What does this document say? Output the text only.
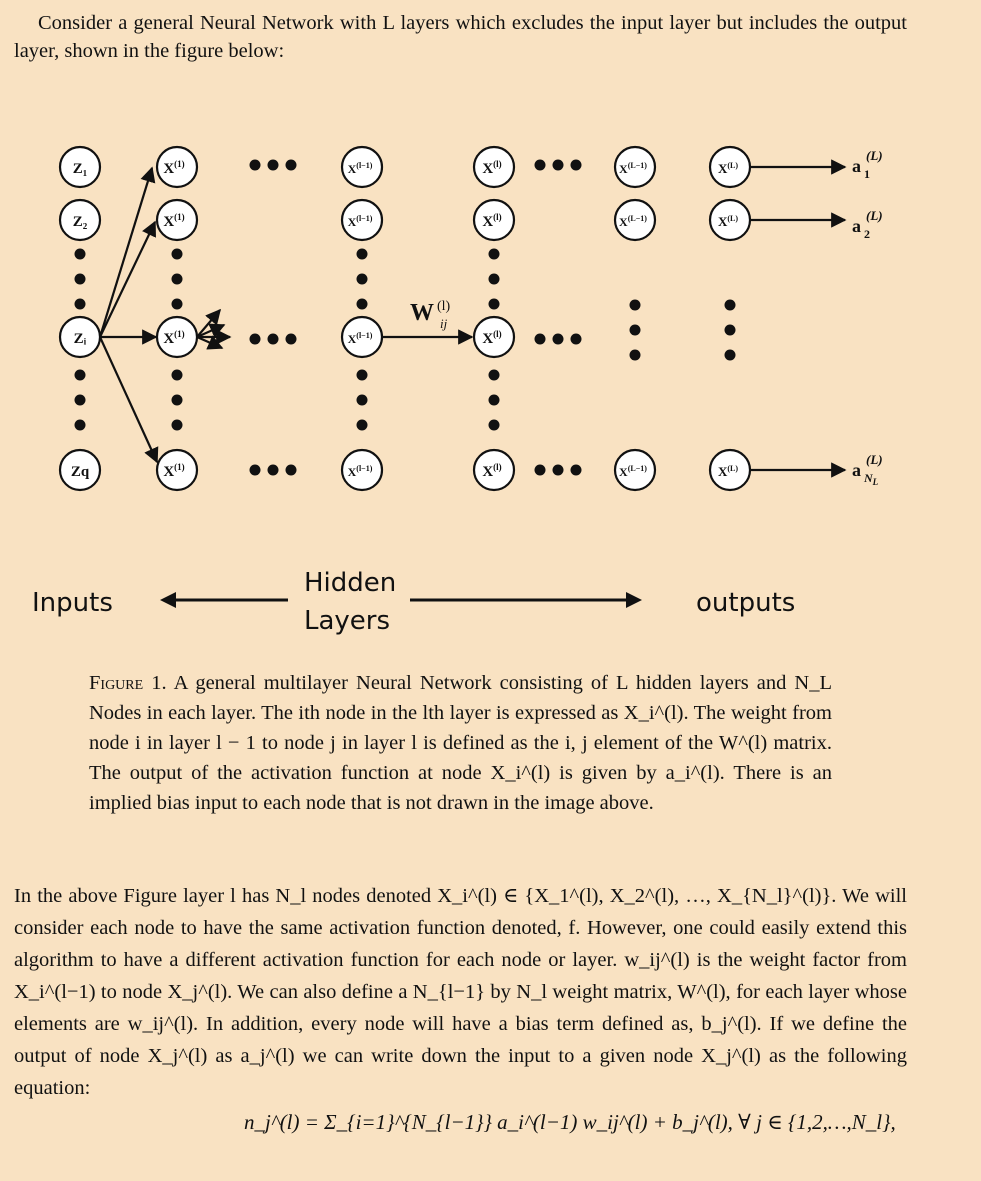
Consider a general Neural Network with L layers which excludes the input layer but includes the output layer, shown in the figure below:

Z₁
Z₂
Zᵢ
Zq
$X^{(1)}$
$X^{(1)}$
$X^{(1)}$
$X^{(1)}$
$X^{(l-1)}$
$X^{(l-1)}$
$X^{(l-1)}$
$X^{(l-1)}$
$X^{(l)}$
$X^{(l)}$
$X^{(l)}$
$X^{(l)}$
$X^{(L-1)}$
$X^{(L-1)}$
$X^{(L-1)}$
$X^{(L)}$
$X^{(L)}$
$X^{(L)}$
W (l)
ij
a
(L)
1
a
(L)
2
a
(L)
$N_L$
Inputs
Hidden
Layers
outputs

Figure 1. A general multilayer Neural Network consisting of L hidden layers and N_L Nodes in each layer. The ith node in the lth layer is expressed as X_i^(l). The weight from node i in layer l − 1 to node j in layer l is defined as the i, j element of the W^(l) matrix. The output of the activation function at node X_i^(l) is given by a_i^(l). There is an implied bias input to each node that is not drawn in the image above.

In the above Figure layer l has N_l nodes denoted X_i^(l) ∈ {X_1^(l), X_2^(l), …, X_{N_l}^(l)}. We will consider each node to have the same activation function denoted, f. However, one could easily extend this algorithm to have a different activation function for each node or layer. w_ij^(l) is the weight factor from X_i^(l−1) to node X_j^(l). We can also define a N_{l−1} by N_l weight matrix, W^(l), for each layer whose elements are w_ij^(l). In addition, every node will have a bias term defined as, b_j^(l). If we define the output of node X_j^(l) as a_j^(l) we can write down the input to a given node X_j^(l) as the following equation:

n_j^(l) = Σ_{i=1}^{N_{l−1}} a_i^(l−1) w_ij^(l) + b_j^(l), ∀ j ∈ {1,2,…,N_l},
